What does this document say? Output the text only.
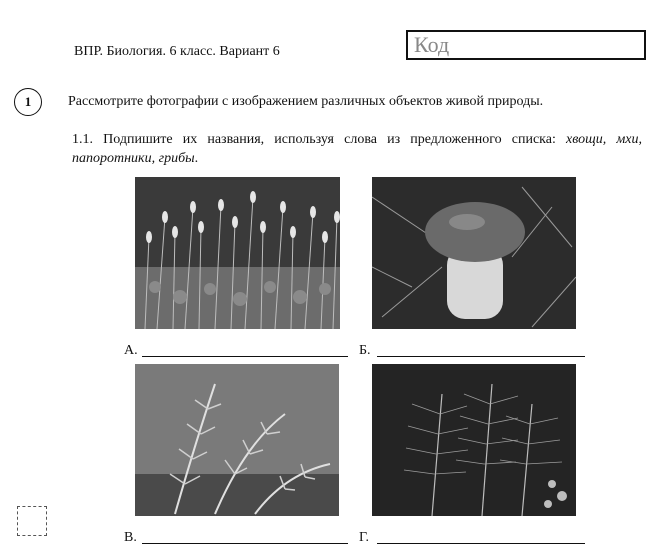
ВПР. Биология. 6 класс. Вариант 6	Код
1	Рассмотрите фотографии с изображением различных объектов живой природы.
1.1. Подпишите их названия, используя слова из предложенного списка: хвощи, мхи, папоротники, грибы.
А.	Б.
В.	Г.
